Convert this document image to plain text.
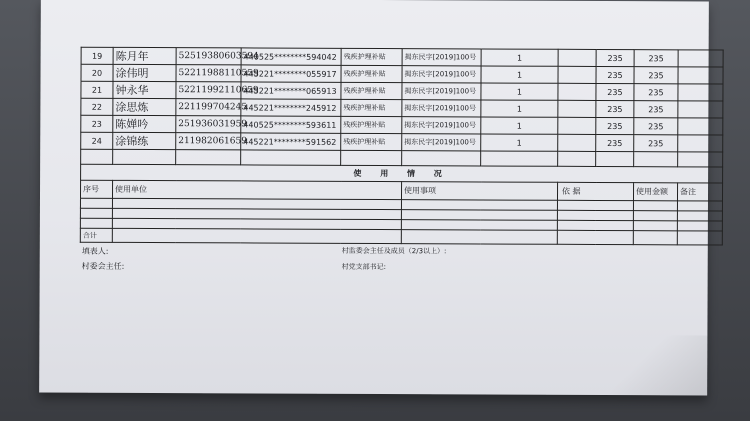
19	陈月年	52519380603594	440525********594042	残疾护理补贴	揭东民字[2019]100号	1		235	235	
20	涂伟明	52211988110559	445221********055917	残疾护理补贴	揭东民字[2019]100号	1		235	235	
21	钟永华	52211992110659	445221********065913	残疾护理补贴	揭东民字[2019]100号	1		235	235	
22	涂思炼	221199704245	445221********245912	残疾护理补贴	揭东民字[2019]100号	1		235	235	
23	陈婵吟	251936031959	440525********593611	残疾护理补贴	揭东民字[2019]100号	1		235	235	
24	涂锦练	211982061659	445221********591562	残疾护理补贴	揭东民字[2019]100号	1		235	235	

使 用 情 况										
序号	使用单位				使用事项		依 据		使用金额	备注

合计										
填表人:
村委会主任:
村监委会主任及成员（2/3以上）:
村党支部书记:
